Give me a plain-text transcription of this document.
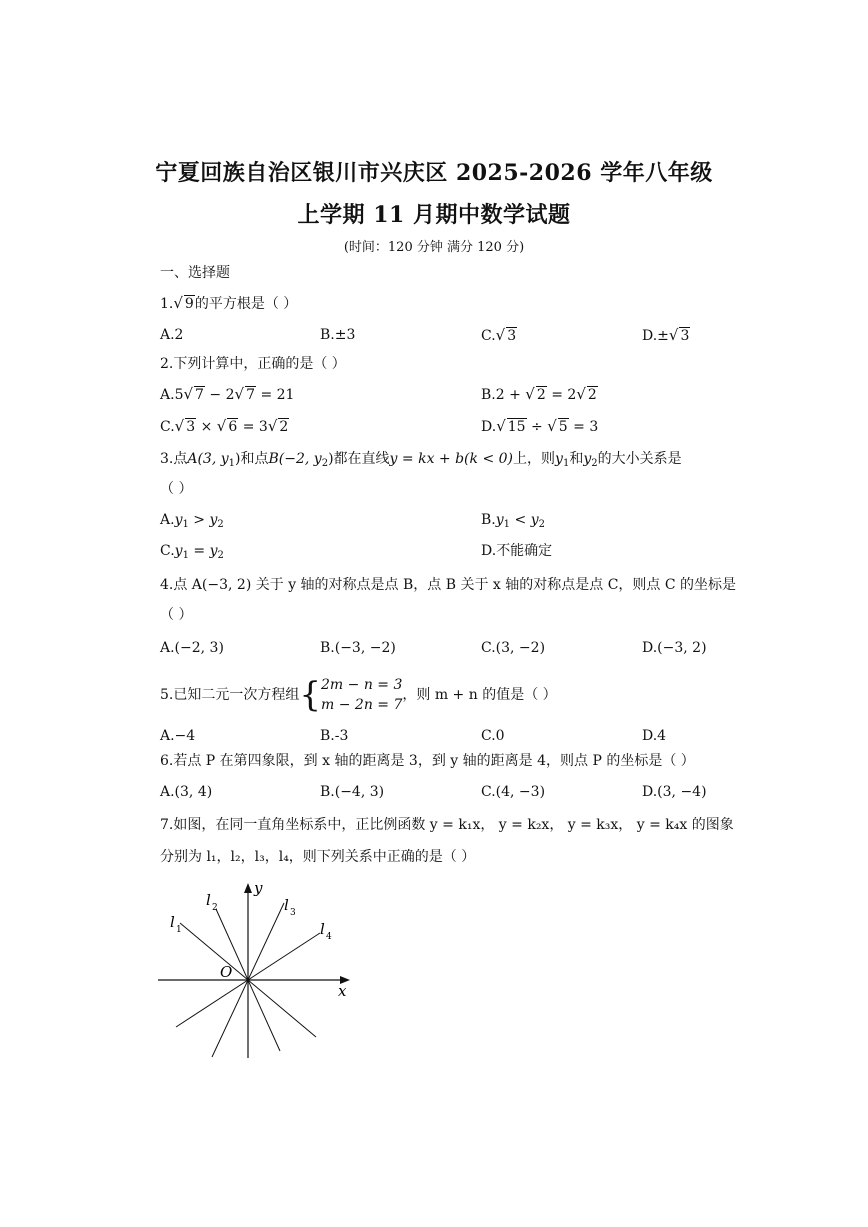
宁夏回族自治区银川市兴庆区 2025-2026 学年八年级
上学期 11 月期中数学试题
(时间：120 分钟 满分 120 分)
一、选择题
1.√ 9的平方根是（ ）
A.2	B.±3	C.√ 3	D.±√ 3
2.下列计算中，正确的是（ ）
A.5√ 7 − 2√ 7 = 21	B.2 + √ 2 = 2√ 2
C.√ 3 × √ 6 = 3√ 2	D.√ 15 ÷ √ 5 = 3
3.点A(3, $y_1$)和点B(−2, $y_2$)都在直线y = kx + b(k < 0)上，则$y_1$和$y_2$的大小关系是
（ ）
$A.y_1 > y_2$	$B.y_1 < y_2$
$C.y_1 = y_2$	D.不能确定
4.点 A(−3, 2) 关于 y 轴的对称点是点 B，点 B 关于 x 轴的对称点是点 C，则点 C 的坐标是
（ ）
A.(−2, 3)	B.(−3, −2)	C.(3, −2)	D.(−3, 2)
5.已知二元一次方程组{2m − n = 3
m − 2n = 7，则 m + n 的值是（ ）
A.−4	B.-3	C.0	D.4
6.若点 P 在第四象限，到 x 轴的距离是 3，到 y 轴的距离是 4，则点 P 的坐标是（ ）
A.(3, 4)	B.(−4, 3)	C.(4, −3)	D.(3, −4)
7.如图，在同一直角坐标系中，正比例函数 y = k₁x， y = k₂x， y = k₃x， y = k₄x 的图象
分别为 l₁，l₂，l₃，l₄，则下列关系中正确的是（ ）
y
x
O
l 1
l 2	l 3
l 4
